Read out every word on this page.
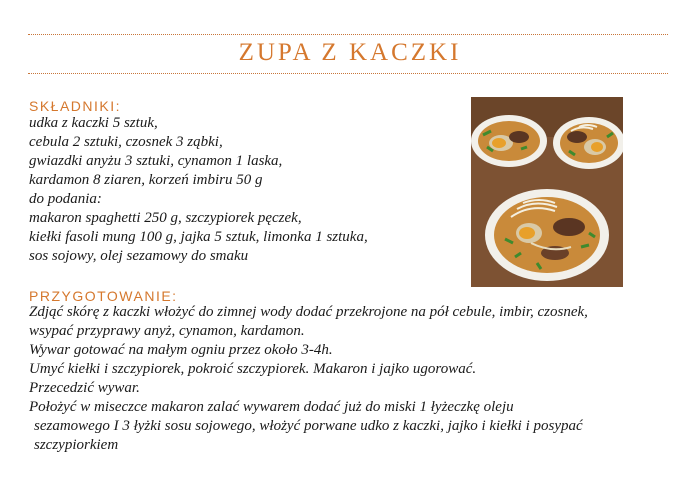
ZUPA Z KACZKI
SKŁADNIKI:
udka z kaczki 5 sztuk,
cebula 2 sztuki, czosnek 3 ząbki,
gwiazdki anyżu 3 sztuki, cynamon 1 laska,
kardamon 8 ziaren, korzeń imbiru 50 g
do podania:
makaron spaghetti 250 g, szczypiorek pęczek,
kiełki fasoli mung 100 g, jajka 5 sztuk, limonka 1 sztuka,
sos sojowy, olej sezamowy do smaku
PRZYGOTOWANIE:
Zdjąć skórę z kaczki włożyć do zimnej wody dodać przekrojone na pół cebule, imbir, czosnek,
wsypać przyprawy anyż, cynamon, kardamon.
Wywar gotować na małym ogniu przez około 3-4h.
Umyć kiełki i szczypiorek, pokroić szczypiorek. Makaron i jajko ugorować.
Przecedzić wywar.
Położyć w miseczce makaron zalać wywarem dodać już do miski 1 łyżeczkę oleju
sezamowego I 3 łyżki sosu sojowego, włożyć porwane udko z kaczki, jajko i kiełki i posypać
szczypiorkiem
